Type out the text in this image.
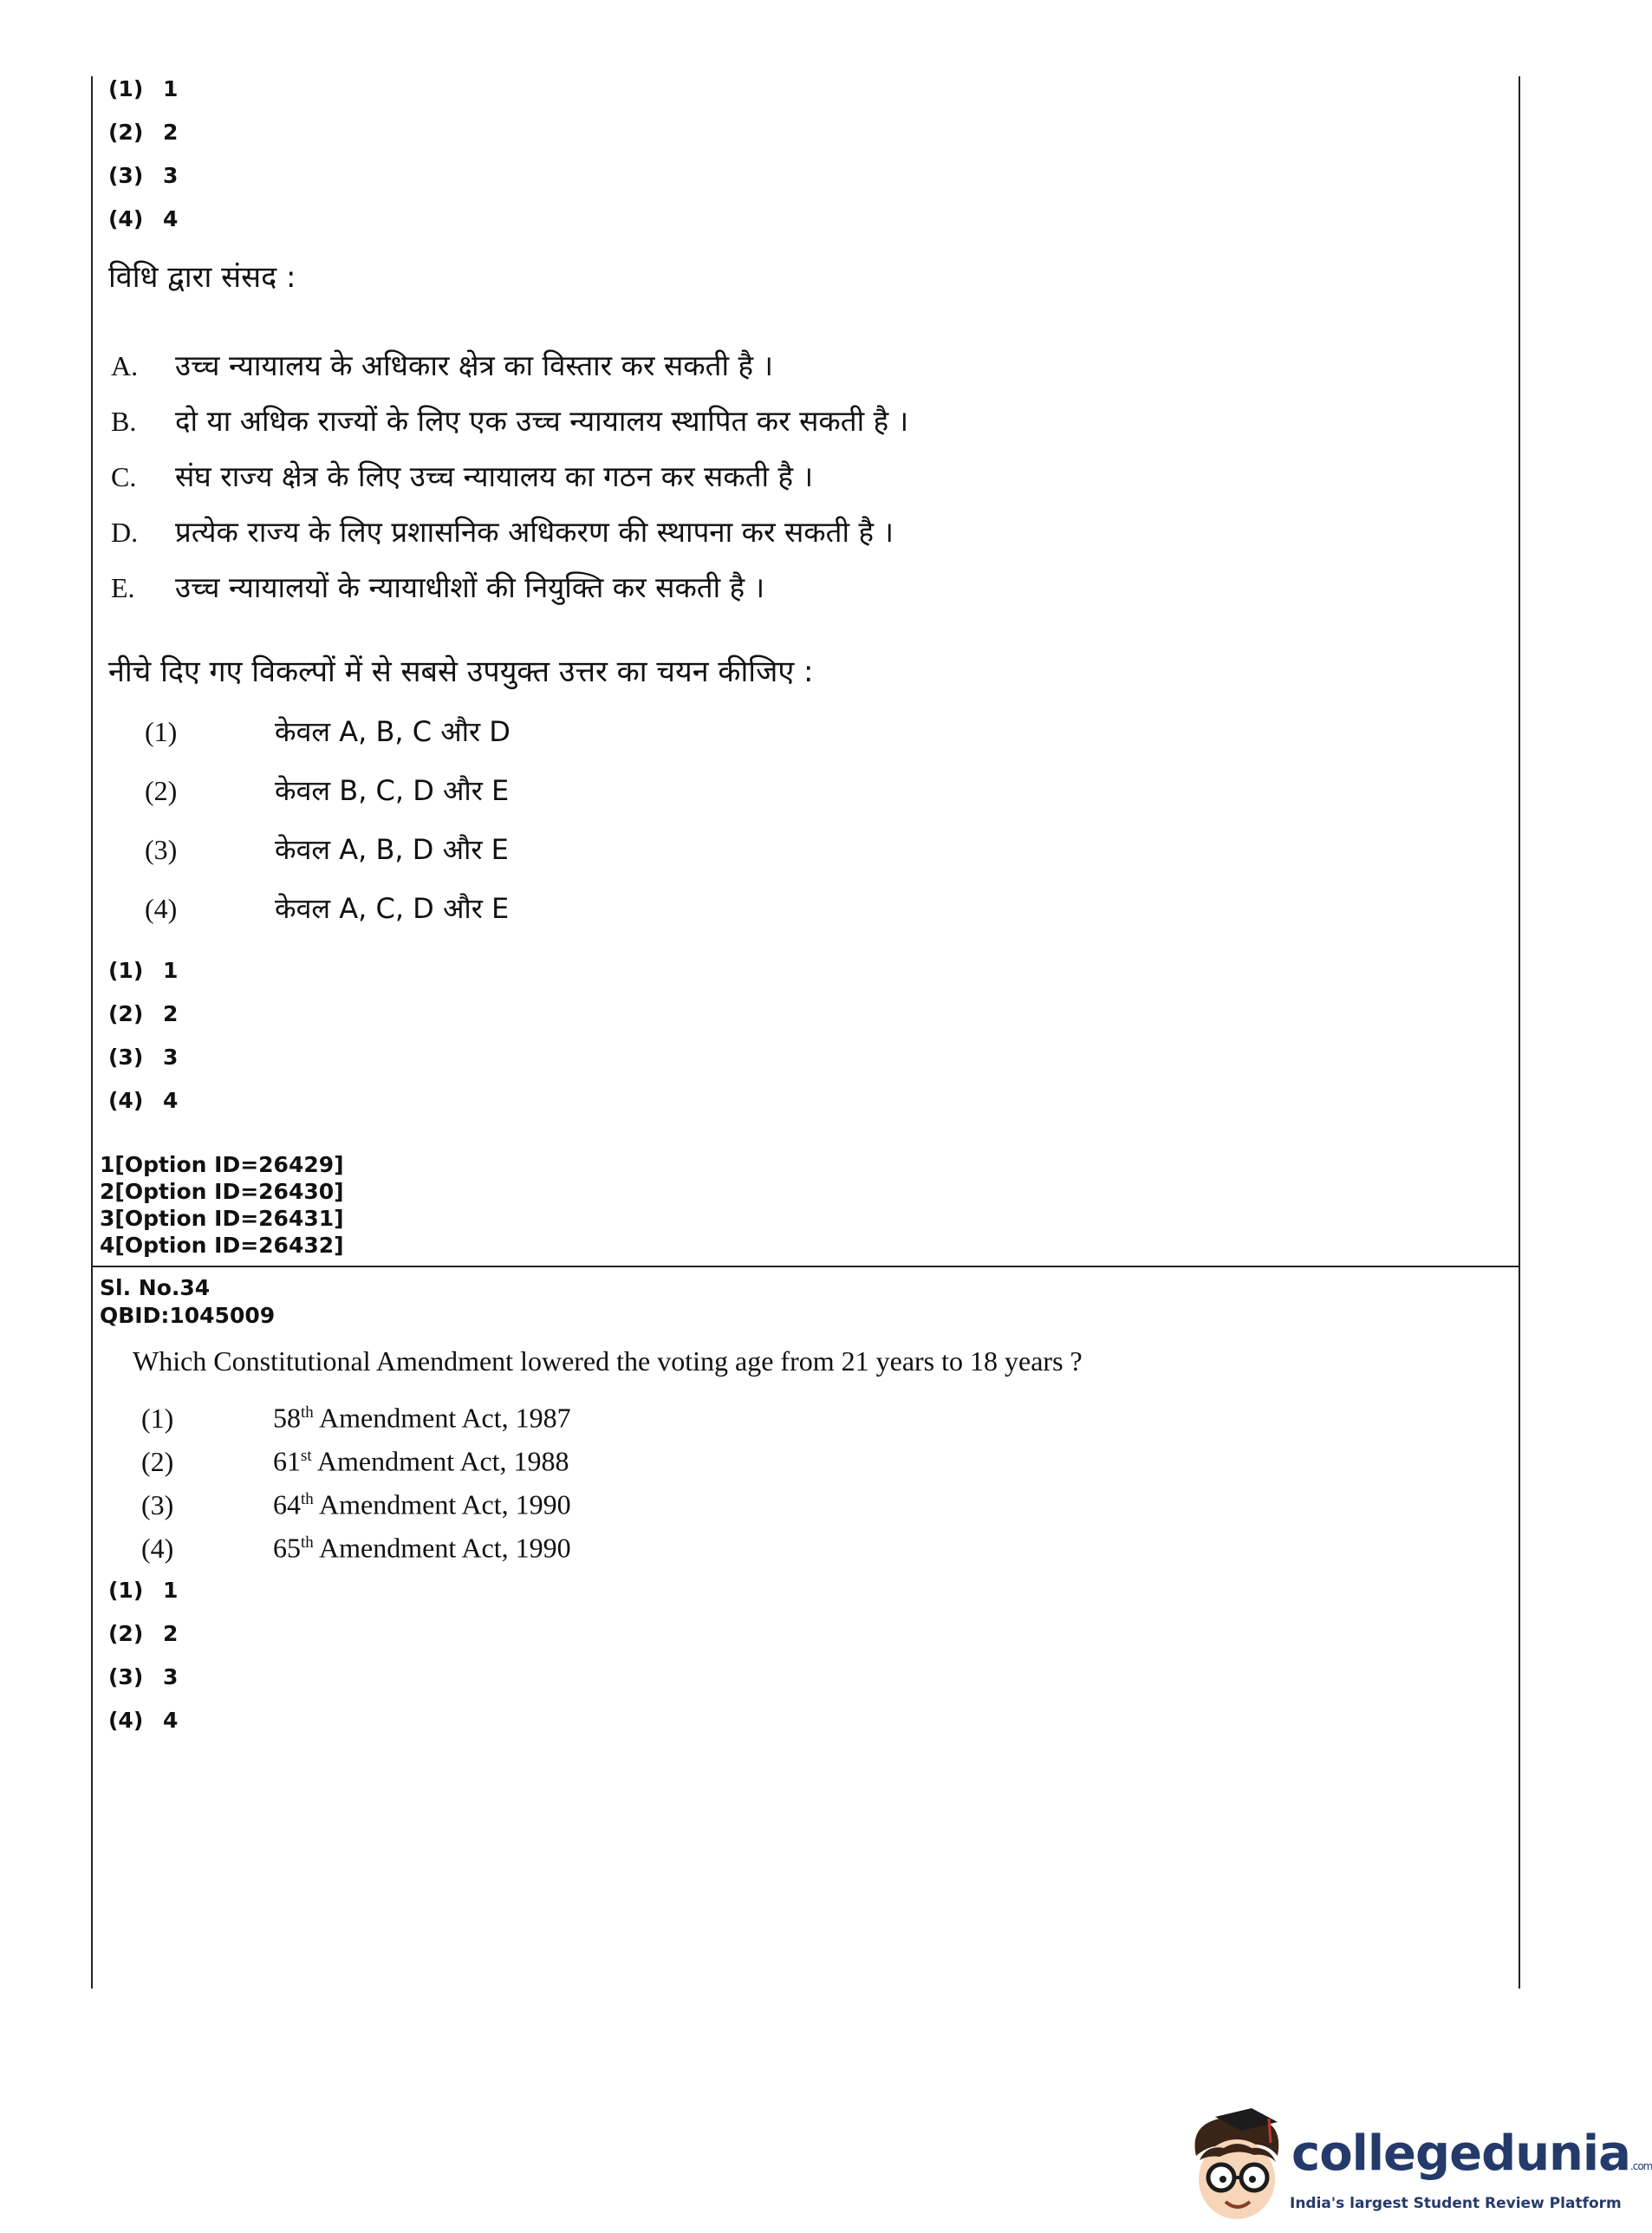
(1) 1
(2) 2
(3) 3
(4) 4
विधि द्वारा संसद :
A. उच्च न्यायालय के अधिकार क्षेत्र का विस्तार कर सकती है ।
B. दो या अधिक राज्यों के लिए एक उच्च न्यायालय स्थापित कर सकती है ।
C. संघ राज्य क्षेत्र के लिए उच्च न्यायालय का गठन कर सकती है ।
D. प्रत्येक राज्य के लिए प्रशासनिक अधिकरण की स्थापना कर सकती है ।
E. उच्च न्यायालयों के न्यायाधीशों की नियुक्ति कर सकती है ।
नीचे दिए गए विकल्पों में से सबसे उपयुक्त उत्तर का चयन कीजिए :
(1)	केवल A, B, C और D
(2)	केवल B, C, D और E
(3)	केवल A, B, D और E
(4)	केवल A, C, D और E
(1) 1
(2) 2
(3) 3
(4) 4
1[Option ID=26429]
2[Option ID=26430]
3[Option ID=26431]
4[Option ID=26432]
Sl. No.34
QBID:1045009
Which Constitutional Amendment lowered the voting age from 21 years to 18 years ?
(1)	58th Amendment Act, 1987
(2)	61st Amendment Act, 1988
(3)	64th Amendment Act, 1990
(4)	65th Amendment Act, 1990
(1) 1
(2) 2
(3) 3
(4) 4
collegedunia.com
India's largest Student Review Platform
